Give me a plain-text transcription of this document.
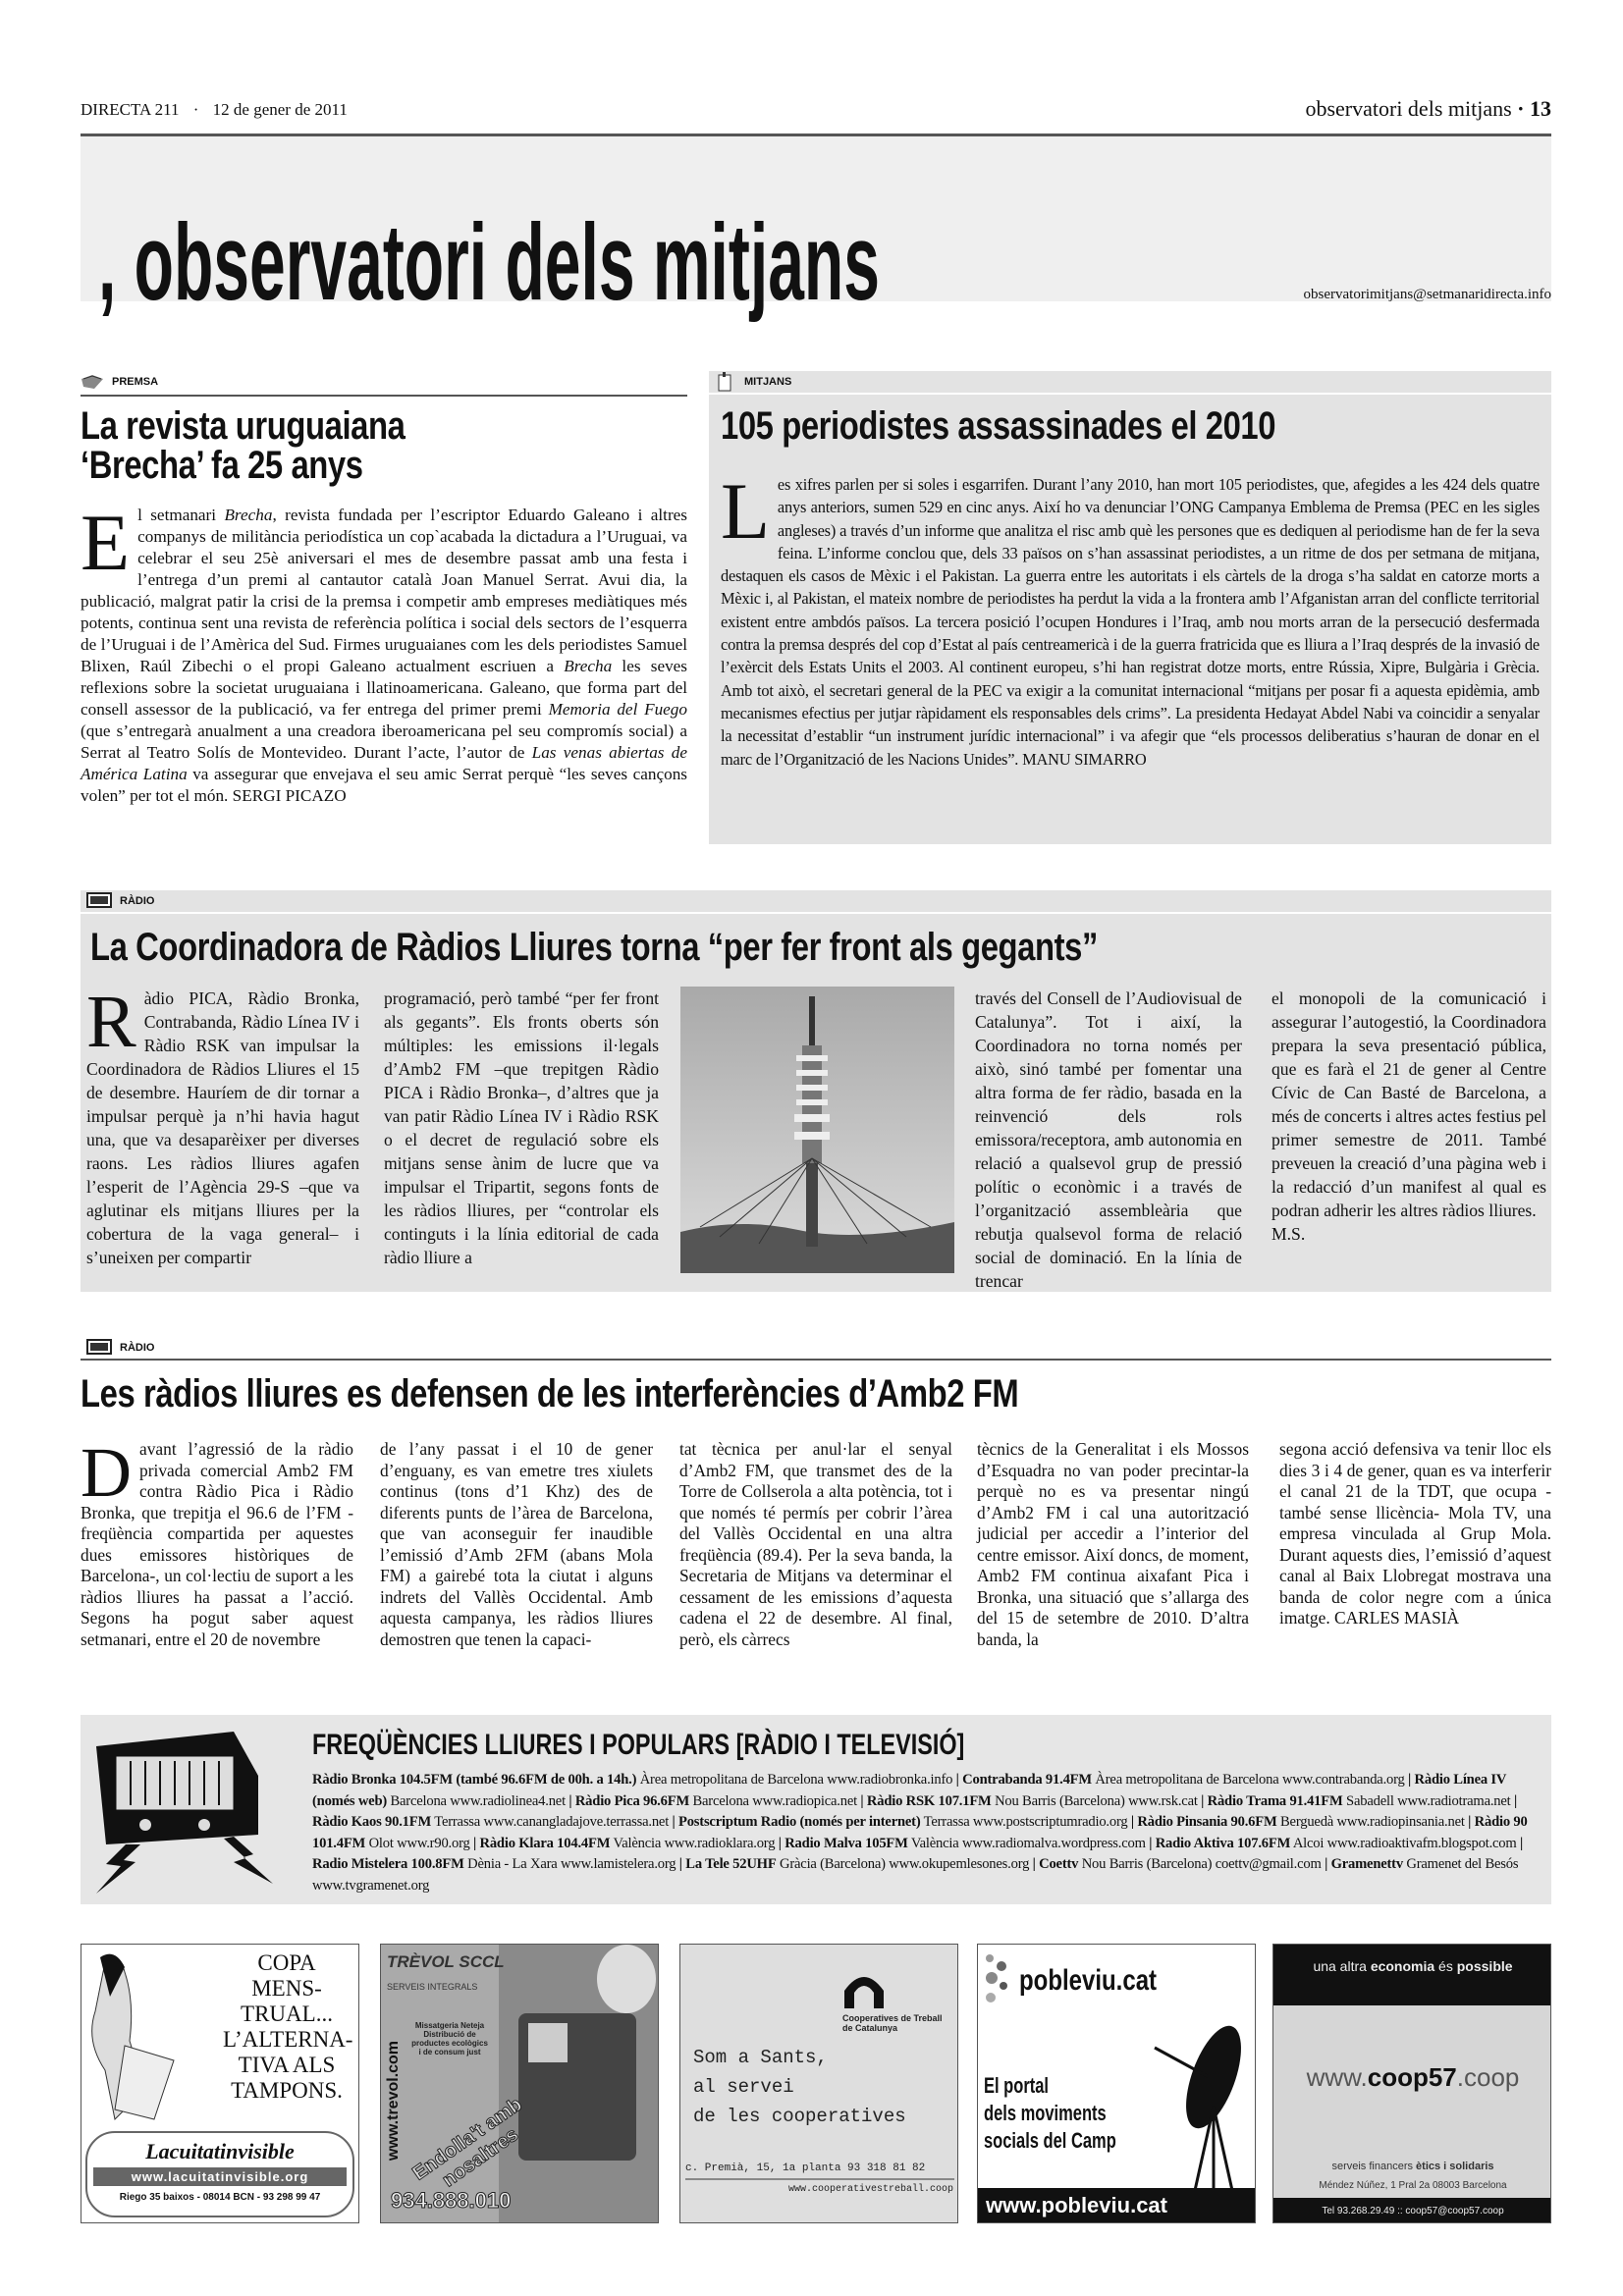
DIRECTA 211 · 12 de gener de 2011	observatori dels mitjans · 13
, observatori dels mitjans	observatorimitjans@setmanaridirecta.info
PREMSA
La revista uruguaiana
‘Brecha’ fa 25 anys
El setmanari Brecha, revista fundada per l’escriptor Eduardo Galeano i altres companys de militància periodística un cop`acabada la dictadura a l’Uruguai, va celebrar el seu 25è aniversari el mes de desembre passat amb una festa i l’entrega d’un premi al cantautor català Joan Manuel Serrat. Avui dia, la publicació, malgrat patir la crisi de la premsa i competir amb empreses mediàtiques més potents, continua sent una revista de referència política i social dels sectors de l’esquerra de l’Uruguai i de l’Amèrica del Sud. Firmes uruguaianes com les dels periodistes Samuel Blixen, Raúl Zibechi o el propi Galeano actualment escriuen a Brecha les seves reflexions sobre la societat uruguaiana i llatinoamericana. Galeano, que forma part del consell assessor de la publicació, va fer entrega del primer premi Memoria del Fuego (que s’entregarà anualment a una creadora iberoamericana pel seu compromís social) a Serrat al Teatro Solís de Montevideo. Durant l’acte, l’autor de Las venas abiertas de América Latina va assegurar que envejava el seu amic Serrat perquè “les seves cançons volen” per tot el món. SERGI PICAZO
MITJANS
105 periodistes assassinades el 2010
Les xifres parlen per si soles i esgarrifen. Durant l’any 2010, han mort 105 periodistes, que, afegides a les 424 dels quatre anys anteriors, sumen 529 en cinc anys. Així ho va denunciar l’ONG Campanya Emblema de Premsa (PEC en les sigles angleses) a través d’un informe que analitza el risc amb què les persones que es dediquen al periodisme han de fer la seva feina. L’informe conclou que, dels 33 països on s’han assassinat periodistes, a un ritme de dos per setmana de mitjana, destaquen els casos de Mèxic i el Pakistan. La guerra entre les autoritats i els càrtels de la droga s’ha saldat en catorze morts a Mèxic i, al Pakistan, el mateix nombre de periodistes ha perdut la vida a la frontera amb l’Afganistan arran del conflicte territorial existent entre ambdós països. La tercera posició l’ocupen Hondures i l’Iraq, amb nou morts arran de la persecució desfermada contra la premsa després del cop d’Estat al país centreamericà i de la guerra fratricida que es lliura a l’Iraq després de la invasió de l’exèrcit dels Estats Units el 2003. Al continent europeu, s’hi han registrat dotze morts, entre Rússia, Xipre, Bulgària i Grècia. Amb tot això, el secretari general de la PEC va exigir a la comunitat internacional “mitjans per posar fi a aquesta epidèmia, amb mecanismes efectius per jutjar ràpidament els responsables dels crims”. La presidenta Hedayat Abdel Nabi va coincidir a senyalar la necessitat d’establir “un instrument jurídic internacional” i va afegir que “els processos deliberatius s’hauran de donar en el marc de l’Organització de les Nacions Unides”. MANU SIMARRO
RÀDIO
La Coordinadora de Ràdios Lliures torna “per fer front als gegants”
Ràdio PICA, Ràdio Bronka, Contrabanda, Ràdio Línea IV i Ràdio RSK van impulsar la Coordinadora de Ràdios Lliures el 15 de desembre. Hauríem de dir tornar a impulsar perquè ja n’hi havia hagut una, que va desaparèixer per diverses raons. Les ràdios lliures agafen l’esperit de l’Agència 29-S –que va aglutinar els mitjans lliures per la cobertura de la vaga general– i s’uneixen per compartir
programació, però també “per fer front als gegants”. Els fronts oberts són múltiples: les emissions il·legals d’Amb2 FM –que trepitgen Ràdio PICA i Ràdio Bronka–, d’altres que ja van patir Ràdio Línea IV i Ràdio RSK o el decret de regulació sobre els mitjans sense ànim de lucre que va impulsar el Tripartit, segons fonts de les ràdios lliures, per “controlar els continguts i la línia editorial de cada ràdio lliure a
través del Consell de l’Audiovisual de Catalunya”. Tot i així, la Coordinadora no torna només per això, sinó també per fomentar una altra forma de fer ràdio, basada en la reinvenció dels rols emissora/receptora, amb autonomia en relació a qualsevol grup de pressió polític o econòmic i a través de l’organització assembleària que rebutja qualsevol forma de relació social de dominació. En la línia de trencar
el monopoli de la comunicació i assegurar l’autogestió, la Coordinadora prepara la seva presentació pública, que es farà el 21 de gener al Centre Cívic de Can Basté de Barcelona, a més de concerts i altres actes festius pel primer semestre de 2011. També preveuen la creació d’una pàgina web i la redacció d’un manifest al qual es podran adherir les altres ràdios lliures.
M.S.
RÀDIO
Les ràdios lliures es defensen de les interferències d’Amb2 FM
Davant l’agressió de la ràdio privada comercial Amb2 FM contra Ràdio Pica i Ràdio Bronka, que trepitja el 96.6 de l’FM -freqüència compartida per aquestes dues emissores històriques de Barcelona-, un col·lectiu de suport a les ràdios lliures ha passat a l’acció. Segons ha pogut saber aquest setmanari, entre el 20 de novembre
de l’any passat i el 10 de gener d’enguany, es van emetre tres xiulets continus (tons d’1 Khz) des de diferents punts de l’àrea de Barcelona, que van aconseguir fer inaudible l’emissió d’Amb 2FM (abans Mola FM) a gairebé tota la ciutat i alguns indrets del Vallès Occidental. Amb aquesta campanya, les ràdios lliures demostren que tenen la capaci-
tat tècnica per anul·lar el senyal d’Amb2 FM, que transmet des de la Torre de Collserola a alta potència, tot i que només té permís per cobrir l’àrea del Vallès Occidental en una altra freqüència (89.4). Per la seva banda, la Secretaria de Mitjans va determinar el cessament de les emissions d’aquesta cadena el 22 de desembre. Al final, però, els càrrecs
tècnics de la Generalitat i els Mossos d’Esquadra no van poder precintar-la perquè no es va presentar ningú d’Amb2 FM i cal una autorització judicial per accedir a l’interior del centre emissor. Així doncs, de moment, Amb2 FM continua aixafant Pica i Bronka, una situació que s’allarga des del 15 de setembre de 2010. D’altra banda, la
segona acció defensiva va tenir lloc els dies 3 i 4 de gener, quan es va interferir el canal 21 de la TDT, que ocupa -també sense llicència- Mola TV, una empresa vinculada al Grup Mola. Durant aquests dies, l’emissió d’aquest canal al Baix Llobregat mostrava una banda de color negre com a única imatge. CARLES MASIÀ
FREQÜÈNCIES LLIURES I POPULARS [RÀDIO I TELEVISIÓ]
Ràdio Bronka 104.5FM (també 96.6FM de 00h. a 14h.) Àrea metropolitana de Barcelona www.radiobronka.info | Contrabanda 91.4FM Àrea metropolitana de Barcelona www.contrabanda.org | Ràdio Línea IV (només web) Barcelona www.radiolinea4.net | Ràdio Pica 96.6FM Barcelona www.radiopica.net | Ràdio RSK 107.1FM Nou Barris (Barcelona) www.rsk.cat | Ràdio Trama 91.41FM Sabadell www.radiotrama.net | Ràdio Kaos 90.1FM Terrassa www.canangladajove.terrassa.net | Postscriptum Radio (només per internet) Terrassa www.postscriptumradio.org | Ràdio Pinsania 90.6FM Berguedà www.radiopinsania.net | Ràdio 90 101.4FM Olot www.r90.org | Ràdio Klara 104.4FM València www.radioklara.org | Radio Malva 105FM València www.radiomalva.wordpress.com | Radio Aktiva 107.6FM Alcoi www.radioaktivafm.blogspot.com | Radio Mistelera 100.8FM Dènia - La Xara www.lamistelera.org | La Tele 52UHF Gràcia (Barcelona) www.okupemlesones.org | Coettv Nou Barris (Barcelona) coettv@gmail.com | Gramenettv Gramenet del Besós www.tvgramenet.org
COPA
MENS-
TRUAL...
L’ALTERNA-
TIVA ALS
TAMPONS.
Lacuitatinvisible
www.lacuitatinvisible.org
Riego 35 baixos - 08014 BCN - 93 298 99 47
TRÈVOL SCCL
SERVEIS INTEGRALS
Missatgeria Neteja Distribució de productes ecològics i de consum just
www.trevol.com Endolla't amb nosaltres
934.888.010
Cooperatives de Treball de Catalunya
Som a Sants,
al servei
de les cooperatives
c. Premià, 15, 1a planta 93 318 81 82
www.cooperativestreball.coop
pobleviu.cat
El portal
dels moviments
socials del Camp
www.pobleviu.cat
una altra economia és possible
www.coop57.coop
serveis financers ètics i solidaris
Méndez Núñez, 1 Pral 2a 08003 Barcelona
Tel 93.268.29.49 :: coop57@coop57.coop
